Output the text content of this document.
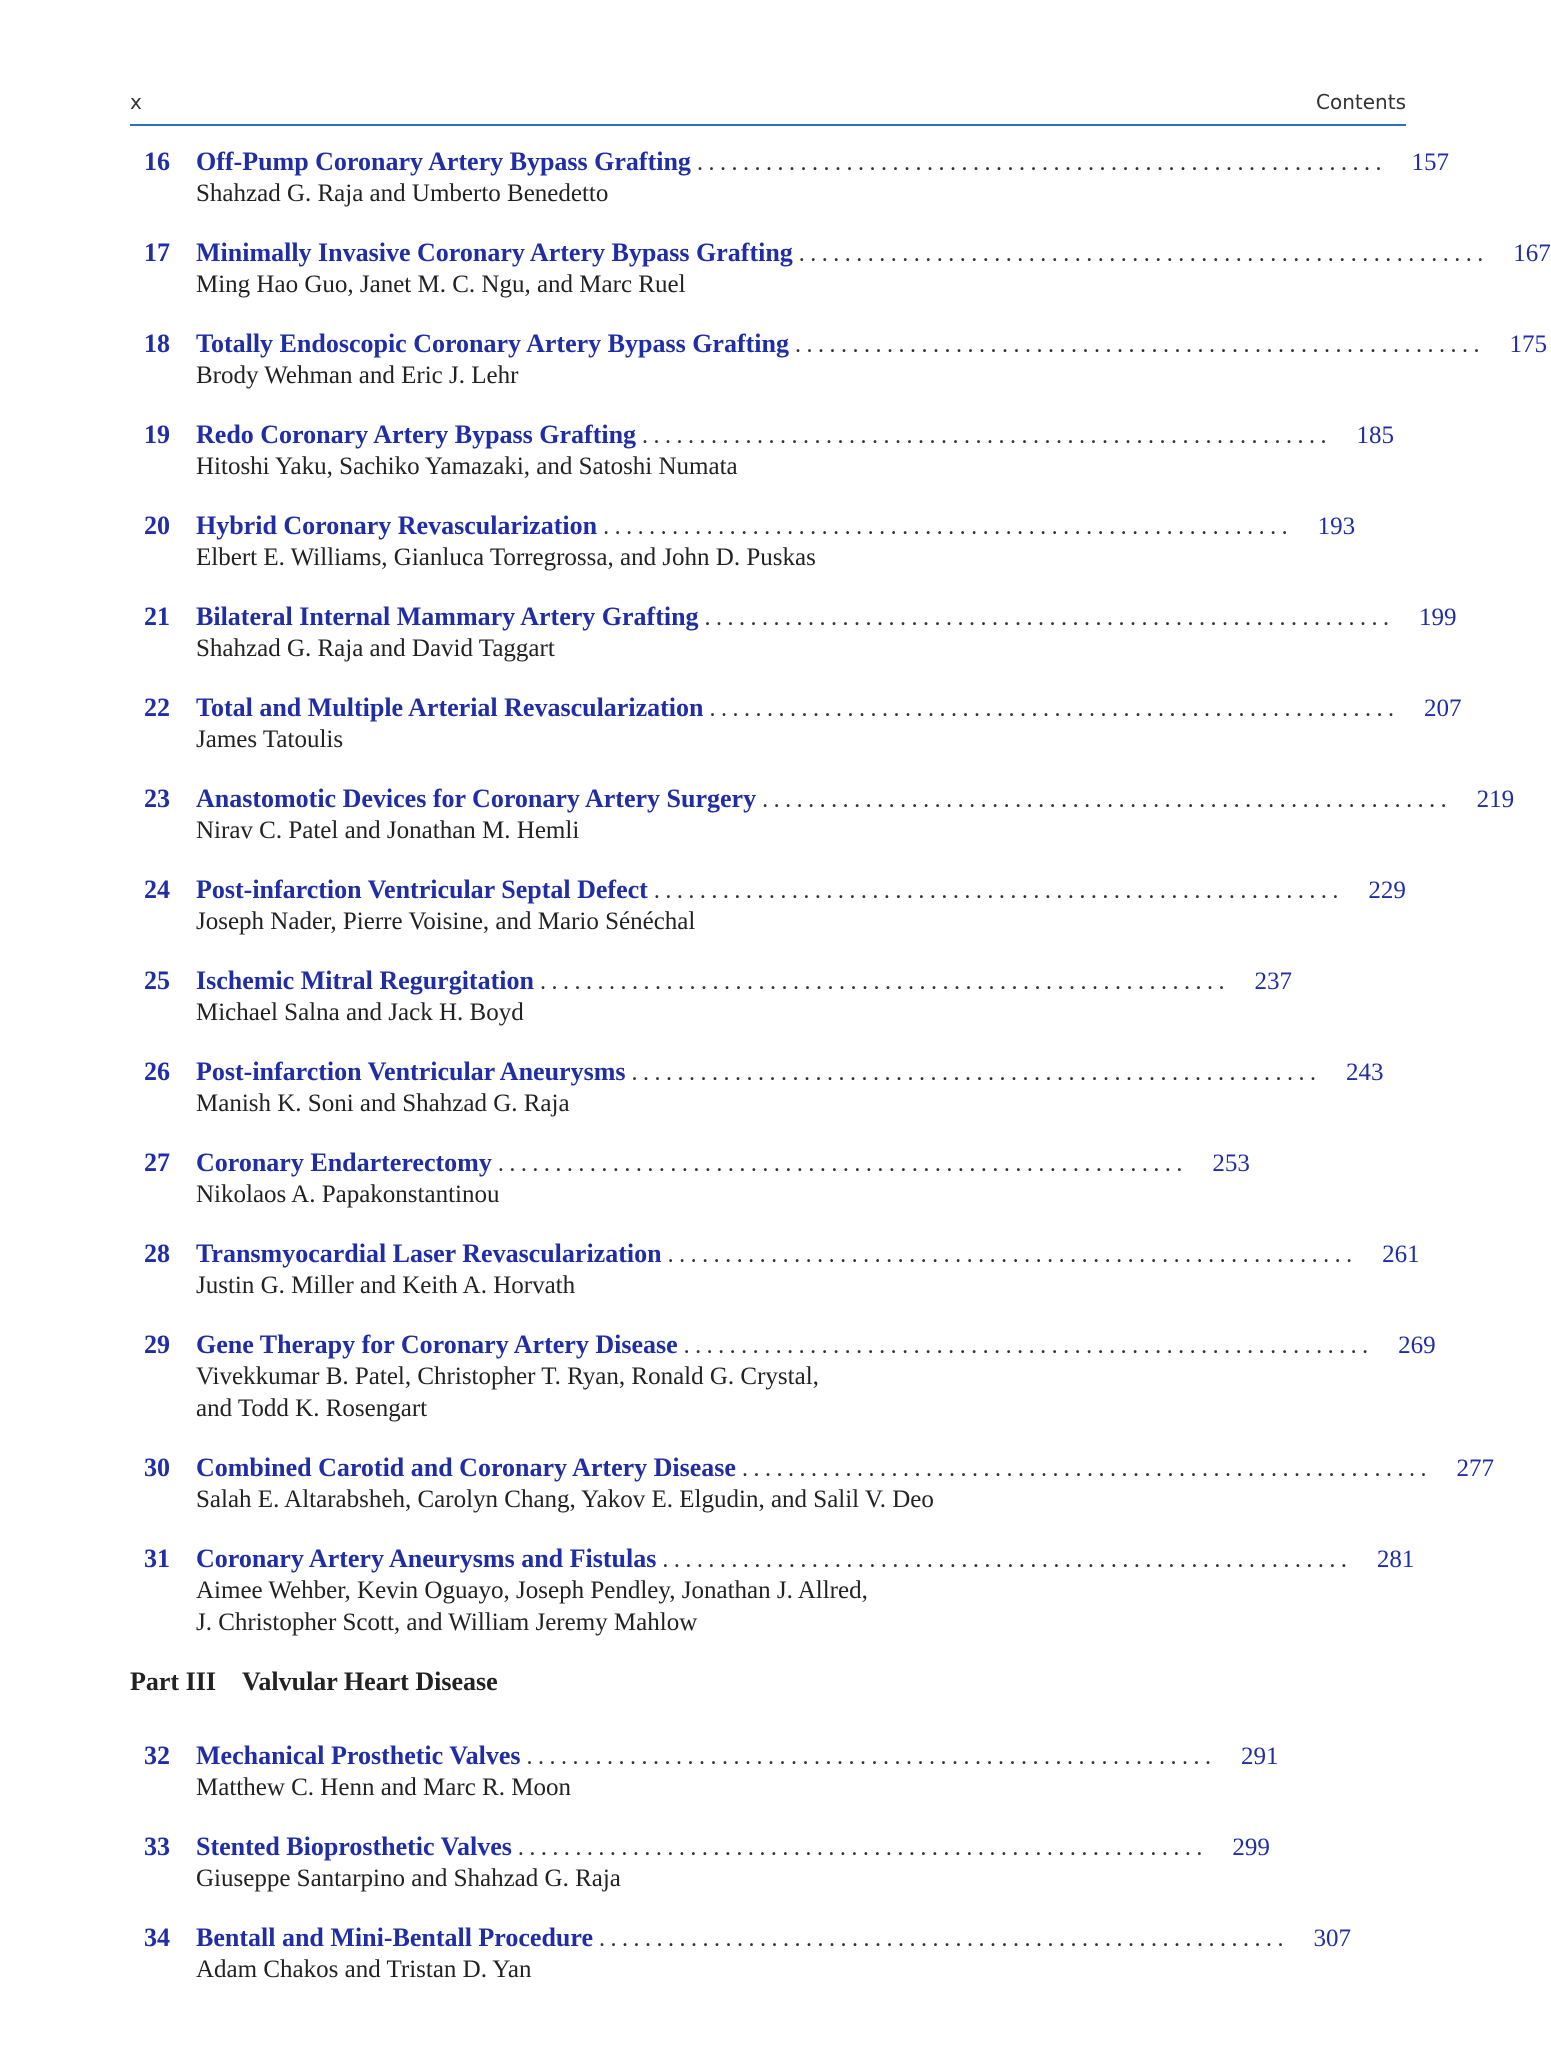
x	Contents
16	Off-Pump Coronary Artery Bypass Grafting ............................................................ 157
Shahzad G. Raja and Umberto Benedetto
17	Minimally Invasive Coronary Artery Bypass Grafting ............................................................ 167
Ming Hao Guo, Janet M. C. Ngu, and Marc Ruel
18	Totally Endoscopic Coronary Artery Bypass Grafting ............................................................ 175
Brody Wehman and Eric J. Lehr
19	Redo Coronary Artery Bypass Grafting ............................................................ 185
Hitoshi Yaku, Sachiko Yamazaki, and Satoshi Numata
20	Hybrid Coronary Revascularization ............................................................ 193
Elbert E. Williams, Gianluca Torregrossa, and John D. Puskas
21	Bilateral Internal Mammary Artery Grafting ............................................................ 199
Shahzad G. Raja and David Taggart
22	Total and Multiple Arterial Revascularization ............................................................ 207
James Tatoulis
23	Anastomotic Devices for Coronary Artery Surgery ............................................................ 219
Nirav C. Patel and Jonathan M. Hemli
24	Post-infarction Ventricular Septal Defect ............................................................ 229
Joseph Nader, Pierre Voisine, and Mario Sénéchal
25	Ischemic Mitral Regurgitation ............................................................ 237
Michael Salna and Jack H. Boyd
26	Post-infarction Ventricular Aneurysms ............................................................ 243
Manish K. Soni and Shahzad G. Raja
27	Coronary Endarterectomy ............................................................ 253
Nikolaos A. Papakonstantinou
28	Transmyocardial Laser Revascularization ............................................................ 261
Justin G. Miller and Keith A. Horvath
29	Gene Therapy for Coronary Artery Disease ............................................................ 269
Vivekkumar B. Patel, Christopher T. Ryan, Ronald G. Crystal,
and Todd K. Rosengart
30	Combined Carotid and Coronary Artery Disease ............................................................ 277
Salah E. Altarabsheh, Carolyn Chang, Yakov E. Elgudin, and Salil V. Deo
31	Coronary Artery Aneurysms and Fistulas ............................................................ 281
Aimee Wehber, Kevin Oguayo, Joseph Pendley, Jonathan J. Allred,
J. Christopher Scott, and William Jeremy Mahlow
Part III Valvular Heart Disease
32	Mechanical Prosthetic Valves ............................................................ 291
Matthew C. Henn and Marc R. Moon
33	Stented Bioprosthetic Valves ............................................................ 299
Giuseppe Santarpino and Shahzad G. Raja
34	Bentall and Mini-Bentall Procedure ............................................................ 307
Adam Chakos and Tristan D. Yan
